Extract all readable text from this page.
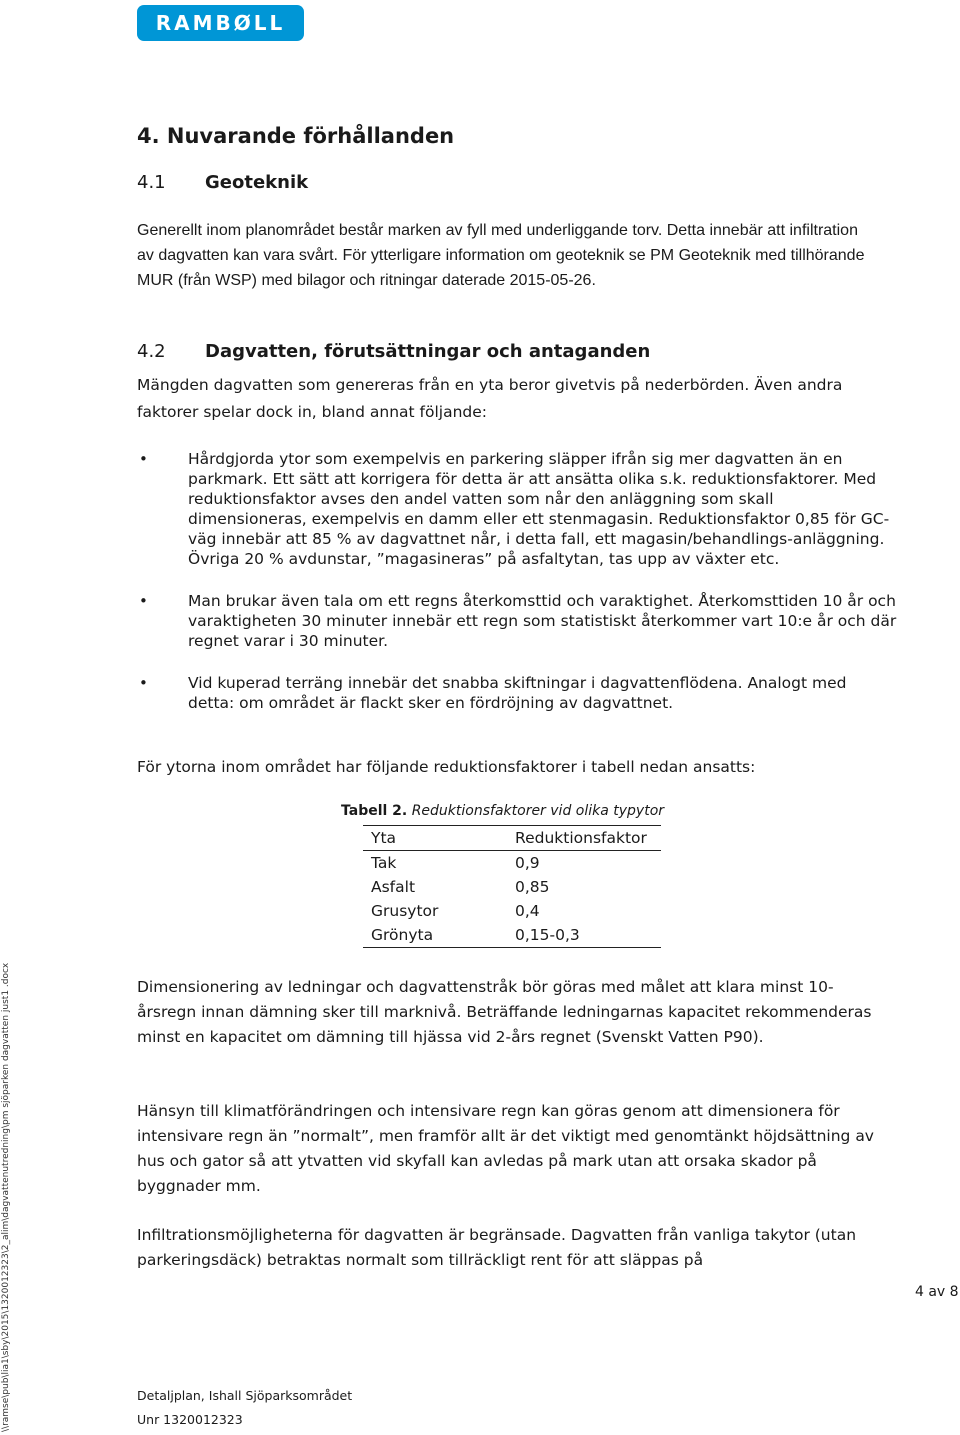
RAMBØLL
4. Nuvarande förhållanden
4.1 Geoteknik

Generellt inom planområdet består marken av fyll med underliggande torv. Detta innebär att infiltration av dagvatten kan vara svårt. För ytterligare information om geoteknik se PM Geoteknik med tillhörande MUR (från WSP) med bilagor och ritningar daterade 2015-05-26.

4.2 Dagvatten, förutsättningar och antaganden

Mängden dagvatten som genereras från en yta beror givetvis på nederbörden. Även andra faktorer spelar dock in, bland annat följande:

•	Hårdgjorda ytor som exempelvis en parkering släpper ifrån sig mer dagvatten än en parkmark. Ett sätt att korrigera för detta är att ansätta olika s.k. reduktionsfaktorer. Med reduktionsfaktor avses den andel vatten som når den anläggning som skall dimensioneras, exempelvis en damm eller ett stenmagasin. Reduktionsfaktor 0,85 för GC-väg innebär att 85 % av dagvattnet når, i detta fall, ett magasin/behandlings-anläggning. Övriga 20 % avdunstar, ”magasineras” på asfaltytan, tas upp av växter etc.
•	Man brukar även tala om ett regns återkomsttid och varaktighet. Återkomsttiden 10 år och varaktigheten 30 minuter innebär ett regn som statistiskt återkommer vart 10:e år och där regnet varar i 30 minuter.
•	Vid kuperad terräng innebär det snabba skiftningar i dagvattenflödena. Analogt med detta: om området är flackt sker en fördröjning av dagvattnet.

För ytorna inom området har följande reduktionsfaktorer i tabell nedan ansatts:

Tabell 2. Reduktionsfaktorer vid olika typytor
Yta	Reduktionsfaktor
Tak	0,9
Asfalt	0,85
Grusytor	0,4
Grönyta	0,15-0,3

Dimensionering av ledningar och dagvattenstråk bör göras med målet att klara minst 10-årsregn innan dämning sker till marknivå. Beträffande ledningarnas kapacitet rekommenderas minst en kapacitet om dämning till hjässa vid 2-års regnet (Svenskt Vatten P90).

Hänsyn till klimatförändringen och intensivare regn kan göras genom att dimensionera för intensivare regn än ”normalt”, men framför allt är det viktigt med genomtänkt höjdsättning av hus och gator så att ytvatten vid skyfall kan avledas på mark utan att orsaka skador på byggnader mm.

Infiltrationsmöjligheterna för dagvatten är begränsade. Dagvatten från vanliga takytor (utan parkeringsdäck) betraktas normalt som tillräckligt rent för att släppas på

4 av 8
Detaljplan, Ishall Sjöparksområdet
Unr 1320012323
\\ramse\pub\lia1\sby\2015\1320012323\2_alim\dagvattenutredning\pm sjöparken dagvatten just1 .docx
